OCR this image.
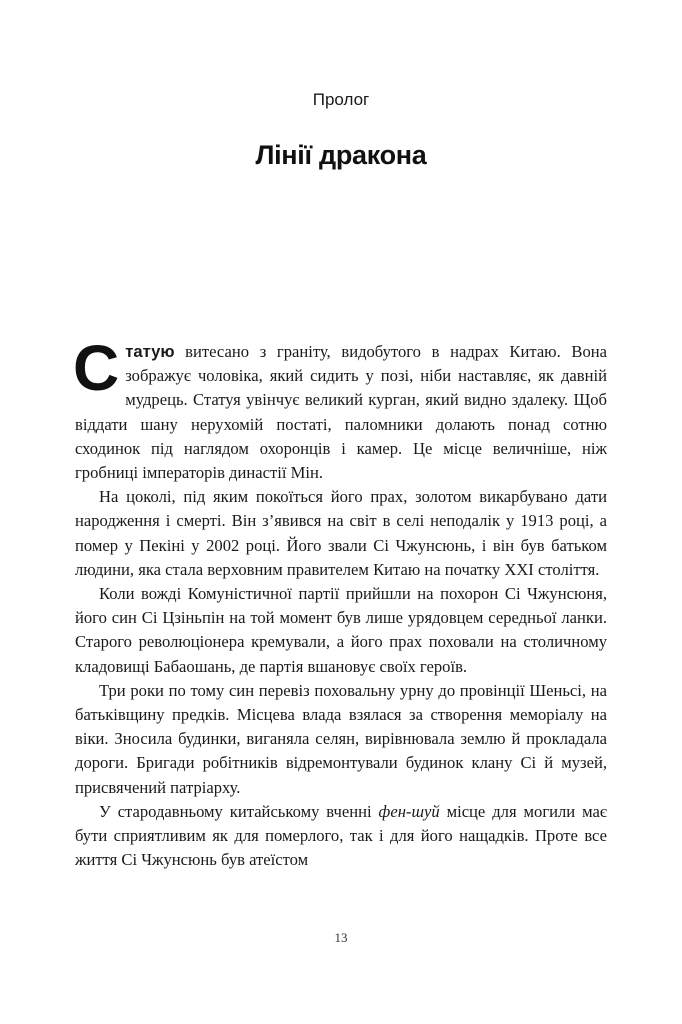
Пролог
Лінії дракона

Статую витесано з граніту, видобутого в надрах Китаю. Вона зображує чоловіка, який сидить у позі, ніби наставляє, як давній мудрець. Статуя увінчує великий курган, який видно здалеку. Щоб віддати шану нерухомій постаті, паломники долають понад сотню сходинок під наглядом охоронців і камер. Це місце величніше, ніж гробниці імператорів династії Мін.

На цоколі, під яким покоїться його прах, золотом викарбувано дати народження і смерті. Він з’явився на світ в селі неподалік у 1913 році, а помер у Пекіні у 2002 році. Його звали Сі Чжунсюнь, і він був батьком людини, яка стала верховним правителем Китаю на початку XXI століття.

Коли вожді Комуністичної партії прийшли на похорон Сі Чжунсюня, його син Сі Цзіньпін на той момент був лише урядовцем середньої ланки. Старого революціонера кремували, а його прах поховали на столичному кладовищі Бабаошань, де партія вшановує своїх героїв.

Три роки по тому син перевіз поховальну урну до провінції Шеньсі, на батьківщину предків. Місцева влада взялася за створення меморіалу на віки. Зносила будинки, виганяла селян, вирівнювала землю й прокладала дороги. Бригади робітників відремонтували будинок клану Сі й музей, присвячений патріарху.

У стародавньому китайському вченні фен-шуй місце для могили має бути сприятливим як для померлого, так і для його нащадків. Проте все життя Сі Чжунсюнь був атеїстом

13
